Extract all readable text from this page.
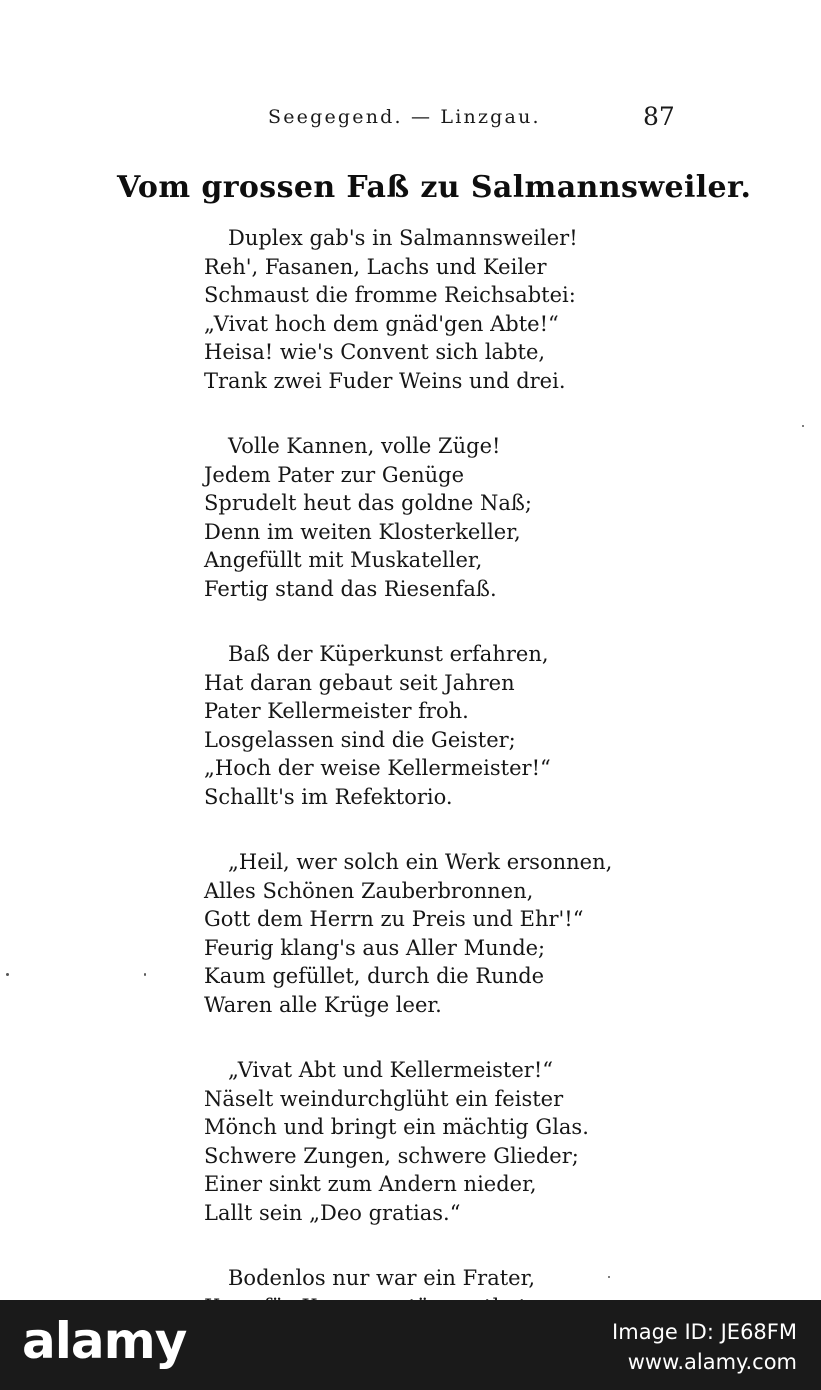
Seegegend. — Linzgau.	87
Vom grossen Faß zu Salmannsweiler.
Duplex gab's in Salmannsweiler!
Reh', Fasanen, Lachs und Keiler
Schmaust die fromme Reichsabtei:
„Vivat hoch dem gnäd'gen Abte!“
Heisa! wie's Convent sich labte,
Trank zwei Fuder Weins und drei.
Volle Kannen, volle Züge!
Jedem Pater zur Genüge
Sprudelt heut das goldne Naß;
Denn im weiten Klosterkeller,
Angefüllt mit Muskateller,
Fertig stand das Riesenfaß.
Baß der Küperkunst erfahren,
Hat daran gebaut seit Jahren
Pater Kellermeister froh.
Losgelassen sind die Geister;
„Hoch der weise Kellermeister!“
Schallt's im Refektorio.
„Heil, wer solch ein Werk ersonnen,
Alles Schönen Zauberbronnen,
Gott dem Herrn zu Preis und Ehr'!“
Feurig klang's aus Aller Munde;
Kaum gefüllet, durch die Runde
Waren alle Krüge leer.
„Vivat Abt und Kellermeister!“
Näselt weindurchglüht ein feister
Mönch und bringt ein mächtig Glas.
Schwere Zungen, schwere Glieder;
Einer sinkt zum Andern nieder,
Lallt sein „Deo gratias.“
Bodenlos nur war ein Frater,
alamy	Image ID: JE68FM
www.alamy.com
